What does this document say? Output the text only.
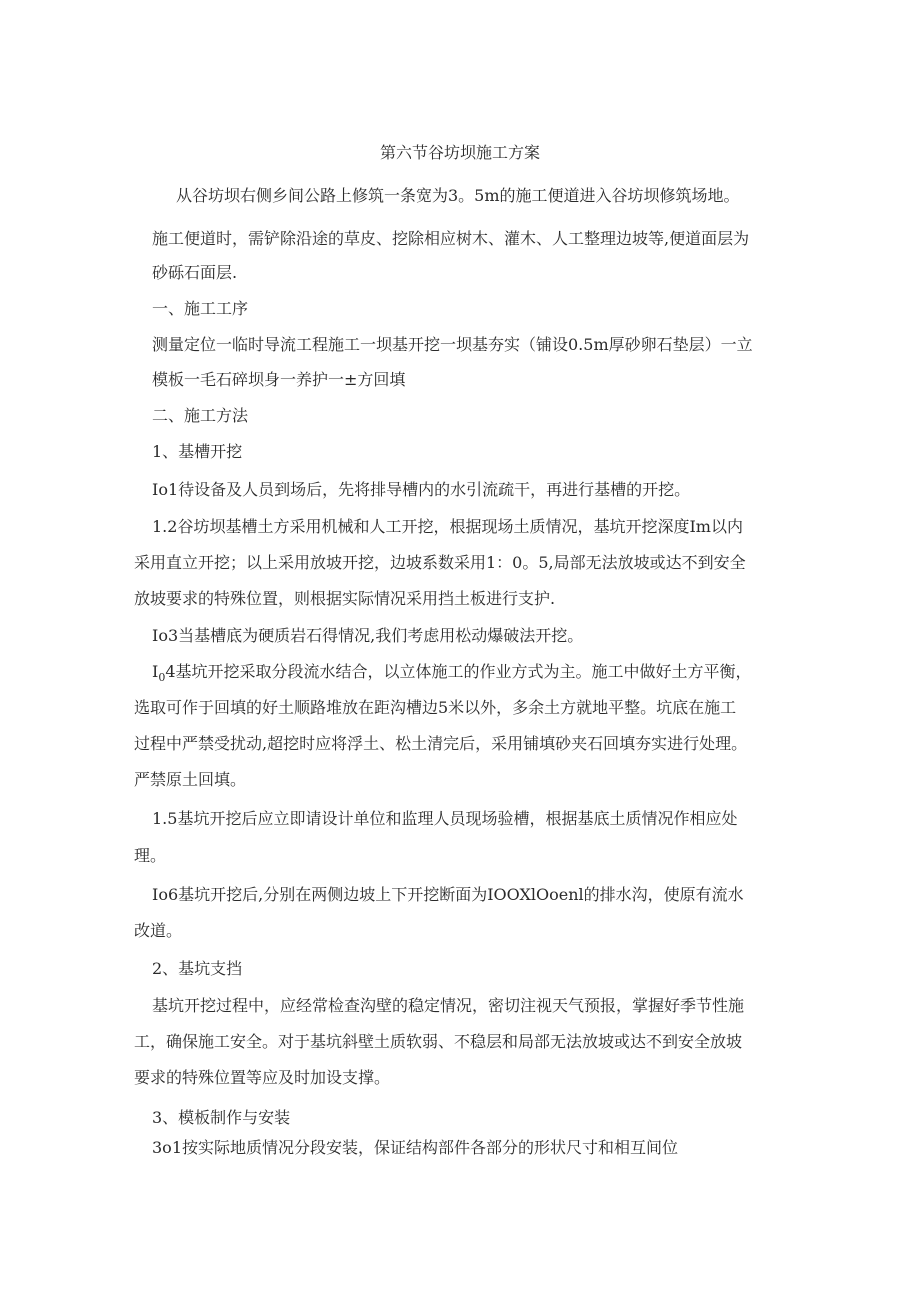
第六节谷坊坝施工方案
从谷坊坝右侧乡间公路上修筑一条宽为3。5m的施工便道进入谷坊坝修筑场地。
施工便道时，需铲除沿途的草皮、挖除相应树木、灌木、人工整理边坡等,便道面层为
砂砾石面层.
一、施工工序
测量定位一临时导流工程施工一坝基开挖一坝基夯实（铺设0.5m厚砂卵石垫层）一立
模板一毛石碎坝身一养护一±方回填
二、施工方法
1、基槽开挖
Io1待设备及人员到场后，先将排导槽内的水引流疏干，再进行基槽的开挖。
1.2谷坊坝基槽土方采用机械和人工开挖，根据现场土质情况，基坑开挖深度Im以内
采用直立开挖；以上采用放坡开挖，边坡系数采用1：0。5,局部无法放坡或达不到安全
放坡要求的特殊位置，则根据实际情况采用挡土板进行支护.
Io3当基槽底为硬质岩石得情况,我们考虑用松动爆破法开挖。
$I_04$基坑开挖采取分段流水结合，以立体施工的作业方式为主。施工中做好土方平衡，
选取可作于回填的好土顺路堆放在距沟槽边5米以外，多余土方就地平整。坑底在施工
过程中严禁受扰动,超挖时应将浮土、松土清完后，采用铺填砂夹石回填夯实进行处理。
严禁原土回填。
1.5基坑开挖后应立即请设计单位和监理人员现场验槽，根据基底土质情况作相应处
理。
Io6基坑开挖后,分别在两侧边坡上下开挖断面为IOOXlOoenl的排水沟，使原有流水
改道。
2、基坑支挡
基坑开挖过程中，应经常检查沟壁的稳定情况，密切注视天气预报，掌握好季节性施
工，确保施工安全。对于基坑斜壁土质软弱、不稳层和局部无法放坡或达不到安全放坡
要求的特殊位置等应及时加设支撑。
3、模板制作与安装
3o1按实际地质情况分段安装，保证结构部件各部分的形状尺寸和相互间位
